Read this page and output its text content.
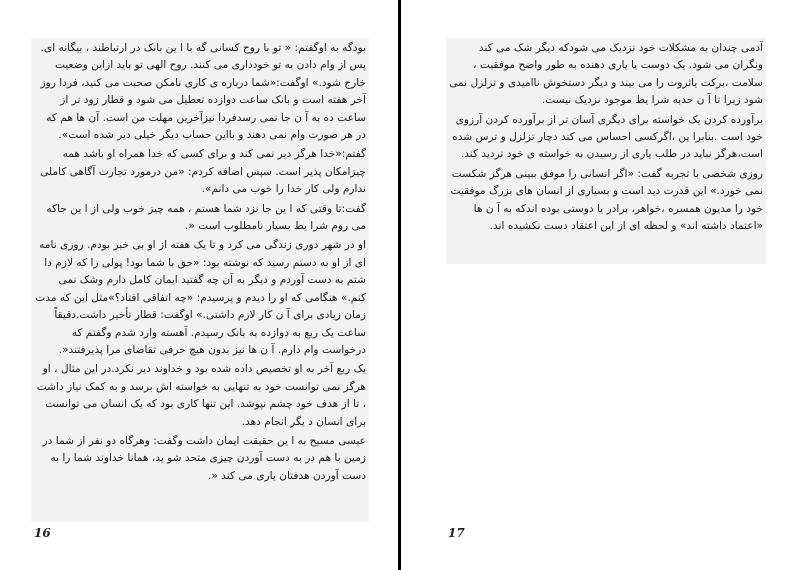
بودگه به اوگفتم: « تو با روح کسانی گه با ا ین بانک در ارتباطند ، بیگانه ای. پس از وام دادن به تو خودداری می کنند. روح الهی تو باید ازاین وضعیت خارج شود.» اوگفت:«شما درباره ی کاری نامکن صحبت می کنید، فردا روز آخر هفته است و بانک ساعت دوازده تعطیل می شود و قطار زود تر از ساعت ده به آ ن جا نمی رسدفردا نیزآخرین مهلت من است. آن ها هم که در هر صورت وام نمی دهند و بااین حساب دیگر خیلی دیر شده است».

گفتم:«خدا هرگز دیر نمی کند و برای کسی که خدا همراه او باشد همه چیزامکان پذیر است. سپس اضافه کردم: «من درمورد تجارت آگاهی کاملی ندارم ولی کار خدا را خوب می دانم».

گفت:تا وقتی که ا ین جا نزد شما هستم ، همه چیز خوب ولی از ا ین جاکه می روم شرا یط بسیار نامطلوب است «.

او در شهر دوری زندگی می کرد و تا یک هفته از او بی خبر بودم. روزی نامه ای از او به دستم رسید که نوشته بود: «حق با شما بود! پولی را که لازم دا شتم به دست آوردم و دیگر به آن چه گفتید ایمان کامل دارم وشک نمی کنم.» هنگامی که او را دیدم و پرسیدم: «چه اتفاقی افتاد؟»مثل این که مدت زمان زیادی برای آ ن کار لازم داشتی.» اوگفت: قطار تأخیر داشت.دقیقاً ساعت یک ربع به دوازده به بانک رسیدم. آهسته وارد شدم وگفتم که درخواست وام دارم. آ ن ها نیز بدون هیچ حرفی تقاضای مرا پذیرفتند«.

یک ربع آخر به او تخصیص داده شده بود و خداوند دیر نکرد.در این مثال ، او هرگز نمی توانست خود به تنهایی به خواسته اش برسد و به کمک نیاز داشت ، تا از هدف خود چشم نپوشد. این تنها کاری بود که یک انسان می توانست برای انسان د یگر انجام دهد.

عیسی مسیح به ا ین حقیقت ایمان داشت وگفت: وهرگاه دو نفر از شما در زمین با هم در به دست آوردن چیزی متحد شو ید، همانا خداوند شما را به دست آوردن هدفتان یاری می کند «.

16

آدمی چندان به مشکلات خود نزدیک می شودکه دیگر شک می کند ونگران می شود. یک دوست یا یاری دهنده به طور واضح موفقیت ، سلامت ،برکت یاثروت را می بیند و دیگر دستخوش ناامیدی و تزلزل نمی شود زیرا تا آ ن حدبه شرا یط موجود نزدیک نیست.

برآورده کردن یک خواسته برای دیگری آسان تر از برآورده کردن آرزوی خود است .بنابرا ین ،اگرکسی احساس می کند دچار تزلزل و ترس شده است،هرگز نباید در طلب یاری از رسیدن به خواسته ی خود تردید کند.

روزی شخصی با تجربه گفت: «اگر انسانی را موفق ببینی هرگز شکست نمی خورد.» این قدرت دید است و بسیاری از انسان های بزرگ موفقیت خود را مدیون همسره ،خواهر، برادر یا دوستی بوده اندکه به آ ن ها «اعتماد داشته اند» و لحظه ای از این اعتقاد دست نکشیده اند.

17
